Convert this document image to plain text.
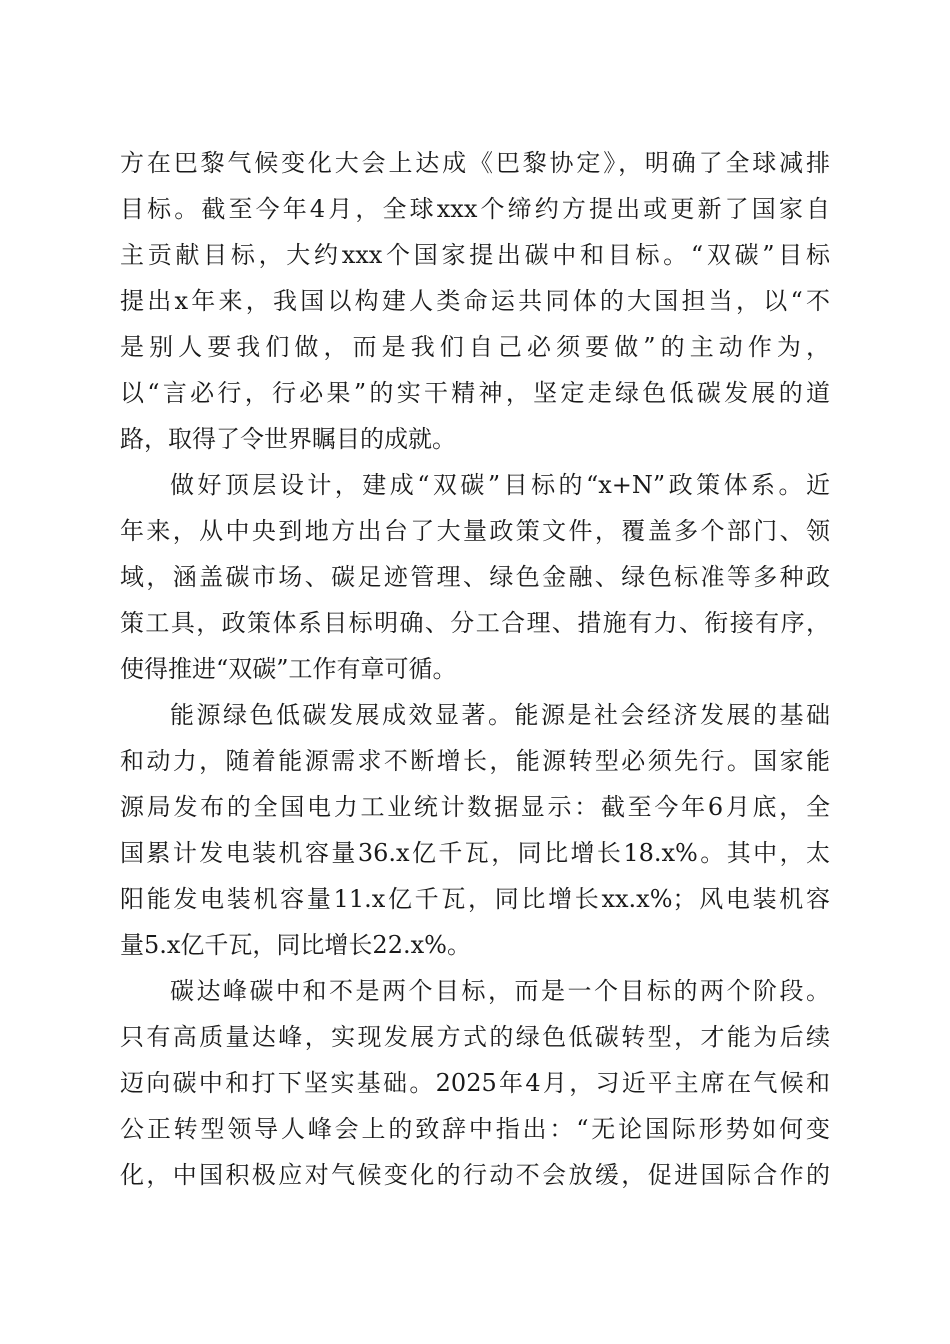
方在巴黎气候变化大会上达成《巴黎协定》，明确了全球减排
目标。截至今年4月，全球xxx个缔约方提出或更新了国家自
主贡献目标，大约xxx个国家提出碳中和目标。“双碳”目标
提出x年来，我国以构建人类命运共同体的大国担当，以“不
是别人要我们做，而是我们自己必须要做”的主动作为，
以“言必行，行必果”的实干精神，坚定走绿色低碳发展的道
路，取得了令世界瞩目的成就。
做好顶层设计，建成“双碳”目标的“x+N”政策体系。近
年来，从中央到地方出台了大量政策文件，覆盖多个部门、领
域，涵盖碳市场、碳足迹管理、绿色金融、绿色标准等多种政
策工具，政策体系目标明确、分工合理、措施有力、衔接有序，
使得推进“双碳”工作有章可循。
能源绿色低碳发展成效显著。能源是社会经济发展的基础
和动力，随着能源需求不断增长，能源转型必须先行。国家能
源局发布的全国电力工业统计数据显示：截至今年6月底，全
国累计发电装机容量36.x亿千瓦，同比增长18.x%。其中，太
阳能发电装机容量11.x亿千瓦，同比增长xx.x%；风电装机容
量5.x亿千瓦，同比增长22.x%。
碳达峰碳中和不是两个目标，而是一个目标的两个阶段。
只有高质量达峰，实现发展方式的绿色低碳转型，才能为后续
迈向碳中和打下坚实基础。2025年4月，习近平主席在气候和
公正转型领导人峰会上的致辞中指出：“无论国际形势如何变
化，中国积极应对气候变化的行动不会放缓，促进国际合作的
